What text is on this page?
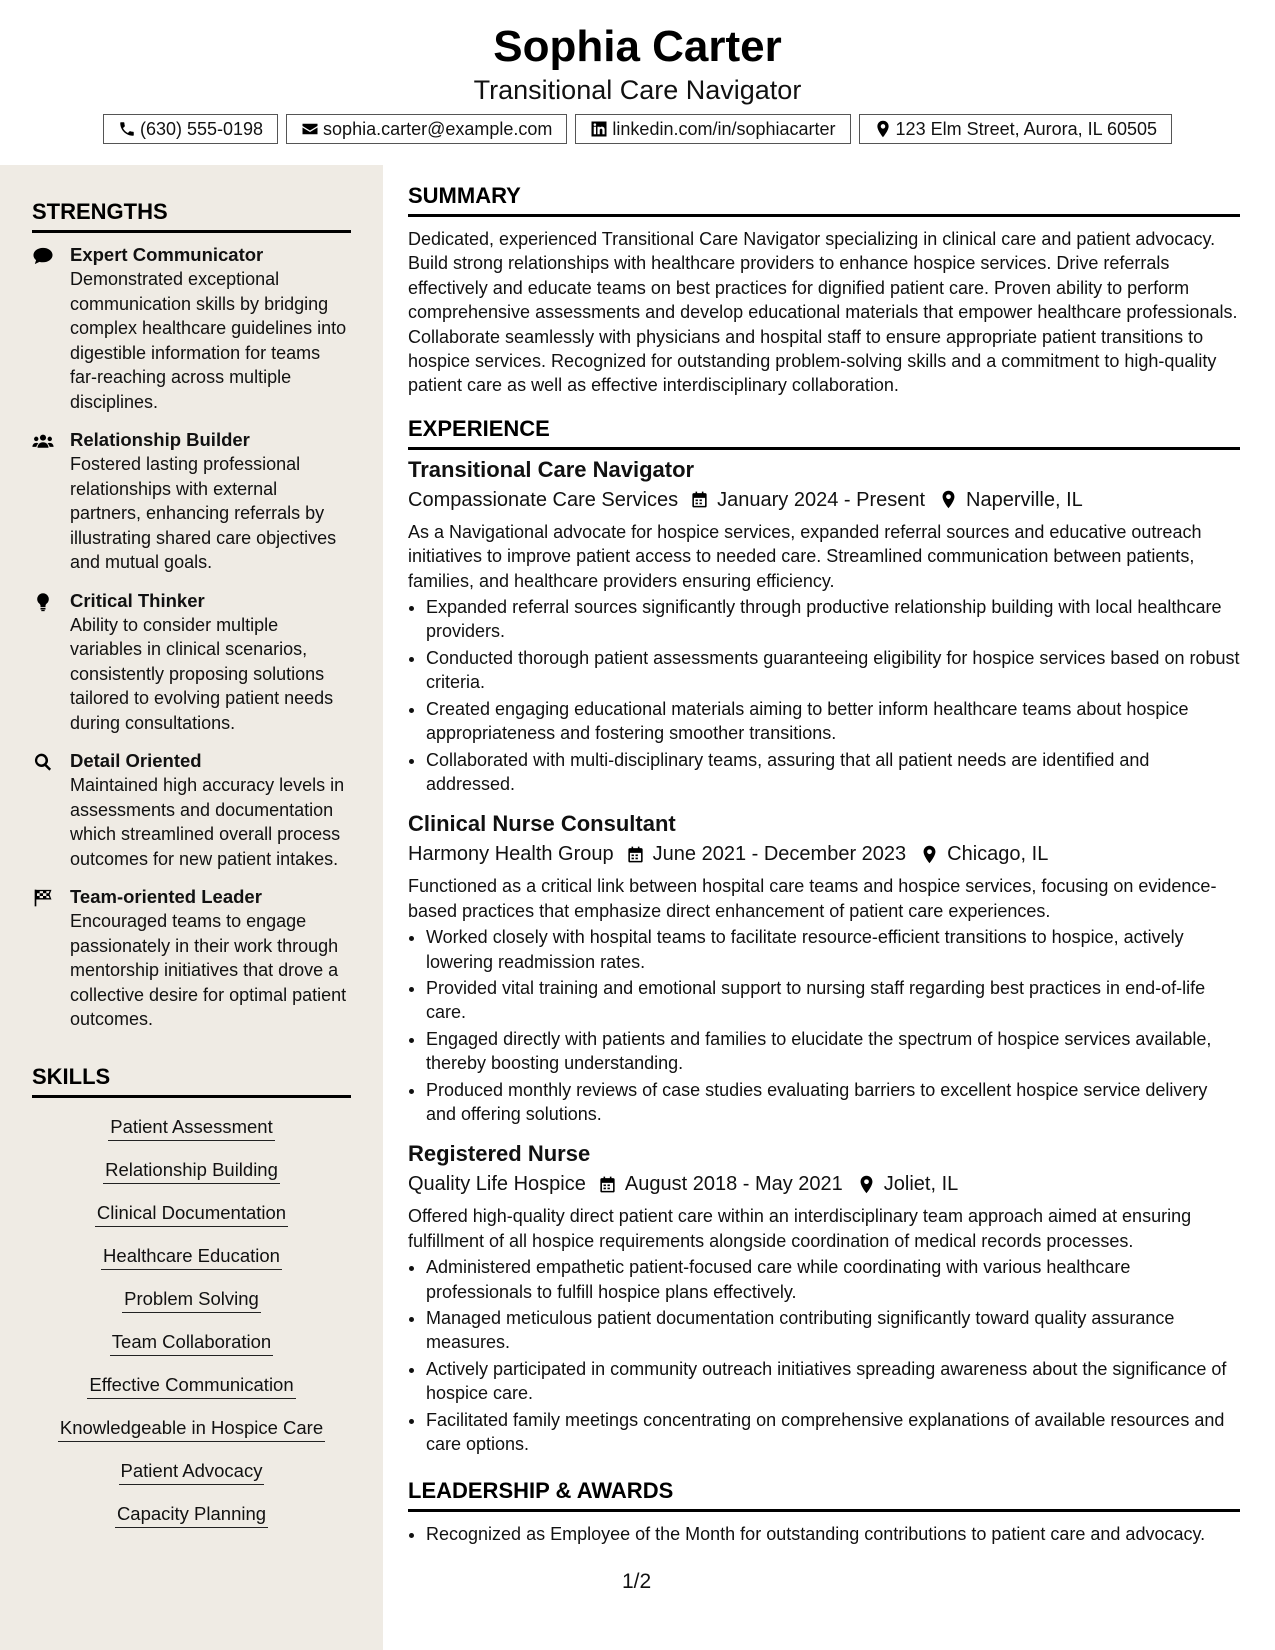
Sophia Carter
Transitional Care Navigator
(630) 555-0198	sophia.carter@example.com	linkedin.com/in/sophiacarter	123 Elm Street, Aurora, IL 60505
STRENGTHS
Expert Communicator
Demonstrated exceptional communication skills by bridging complex healthcare guidelines into digestible information for teams far-reaching across multiple disciplines.
Relationship Builder
Fostered lasting professional relationships with external partners, enhancing referrals by illustrating shared care objectives and mutual goals.
Critical Thinker
Ability to consider multiple variables in clinical scenarios, consistently proposing solutions tailored to evolving patient needs during consultations.
Detail Oriented
Maintained high accuracy levels in assessments and documentation which streamlined overall process outcomes for new patient intakes.
Team-oriented Leader
Encouraged teams to engage passionately in their work through mentorship initiatives that drove a collective desire for optimal patient outcomes.
SKILLS
Patient Assessment
Relationship Building
Clinical Documentation
Healthcare Education
Problem Solving
Team Collaboration
Effective Communication
Knowledgeable in Hospice Care
Patient Advocacy
Capacity Planning
SUMMARY

Dedicated, experienced Transitional Care Navigator specializing in clinical care and patient advocacy. Build strong relationships with healthcare providers to enhance hospice services. Drive referrals effectively and educate teams on best practices for dignified patient care. Proven ability to perform comprehensive assessments and develop educational materials that empower healthcare professionals. Collaborate seamlessly with physicians and hospital staff to ensure appropriate patient transitions to hospice services. Recognized for outstanding problem-solving skills and a commitment to high-quality patient care as well as effective interdisciplinary collaboration.

EXPERIENCE
Transitional Care Navigator
Compassionate Care Services January 2024 - Present Naperville, IL
As a Navigational advocate for hospice services, expanded referral sources and educative outreach initiatives to improve patient access to needed care. Streamlined communication between patients, families, and healthcare providers ensuring efficiency.
• Expanded referral sources significantly through productive relationship building with local healthcare providers.
• Conducted thorough patient assessments guaranteeing eligibility for hospice services based on robust criteria.
• Created engaging educational materials aiming to better inform healthcare teams about hospice appropriateness and fostering smoother transitions.
• Collaborated with multi-disciplinary teams, assuring that all patient needs are identified and addressed.
Clinical Nurse Consultant
Harmony Health Group June 2021 - December 2023 Chicago, IL
Functioned as a critical link between hospital care teams and hospice services, focusing on evidence-based practices that emphasize direct enhancement of patient care experiences.
• Worked closely with hospital teams to facilitate resource-efficient transitions to hospice, actively lowering readmission rates.
• Provided vital training and emotional support to nursing staff regarding best practices in end-of-life care.
• Engaged directly with patients and families to elucidate the spectrum of hospice services available, thereby boosting understanding.
• Produced monthly reviews of case studies evaluating barriers to excellent hospice service delivery and offering solutions.
Registered Nurse
Quality Life Hospice August 2018 - May 2021 Joliet, IL
Offered high-quality direct patient care within an interdisciplinary team approach aimed at ensuring fulfillment of all hospice requirements alongside coordination of medical records processes.
• Administered empathetic patient-focused care while coordinating with various healthcare professionals to fulfill hospice plans effectively.
• Managed meticulous patient documentation contributing significantly toward quality assurance measures.
• Actively participated in community outreach initiatives spreading awareness about the significance of hospice care.
• Facilitated family meetings concentrating on comprehensive explanations of available resources and care options.
LEADERSHIP & AWARDS
• Recognized as Employee of the Month for outstanding contributions to patient care and advocacy.
1/2
